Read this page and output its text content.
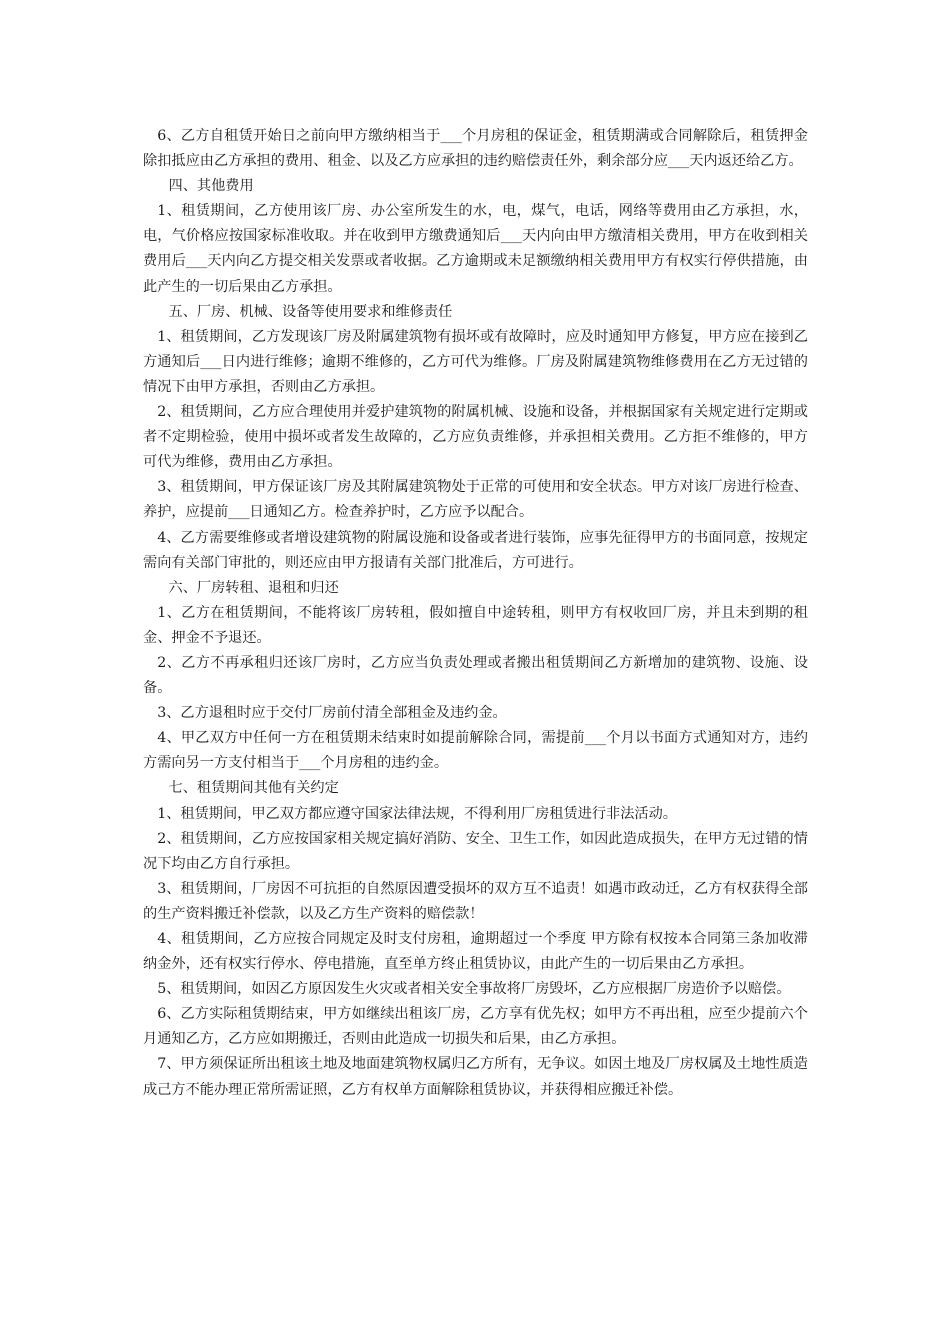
6、乙方自租赁开始日之前向甲方缴纳相当于___个月房租的保证金，租赁期满或合同解除后，租赁押金除扣抵应由乙方承担的费用、租金、以及乙方应承担的违约赔偿责任外，剩余部分应___天内返还给乙方。

四、其他费用

1、租赁期间，乙方使用该厂房、办公室所发生的水，电，煤气，电话，网络等费用由乙方承担，水，电，气价格应按国家标准收取。并在收到甲方缴费通知后___天内向由甲方缴清相关费用，甲方在收到相关费用后___天内向乙方提交相关发票或者收据。乙方逾期或未足额缴纳相关费用甲方有权实行停供措施，由此产生的一切后果由乙方承担。

五、厂房、机械、设备等使用要求和维修责任

1、租赁期间，乙方发现该厂房及附属建筑物有损坏或有故障时，应及时通知甲方修复，甲方应在接到乙方通知后___日内进行维修；逾期不维修的，乙方可代为维修。厂房及附属建筑物维修费用在乙方无过错的情况下由甲方承担，否则由乙方承担。

2、租赁期间，乙方应合理使用并爱护建筑物的附属机械、设施和设备，并根据国家有关规定进行定期或者不定期检验，使用中损坏或者发生故障的，乙方应负责维修，并承担相关费用。乙方拒不维修的，甲方可代为维修，费用由乙方承担。

3、租赁期间，甲方保证该厂房及其附属建筑物处于正常的可使用和安全状态。甲方对该厂房进行检查、养护，应提前___日通知乙方。检查养护时，乙方应予以配合。

4、乙方需要维修或者增设建筑物的附属设施和设备或者进行装饰，应事先征得甲方的书面同意，按规定需向有关部门审批的，则还应由甲方报请有关部门批准后，方可进行。

六、厂房转租、退租和归还

1、乙方在租赁期间，不能将该厂房转租，假如擅自中途转租，则甲方有权收回厂房，并且未到期的租金、押金不予退还。

2、乙方不再承租归还该厂房时，乙方应当负责处理或者搬出租赁期间乙方新增加的建筑物、设施、设备。

3、乙方退租时应于交付厂房前付清全部租金及违约金。

4、甲乙双方中任何一方在租赁期未结束时如提前解除合同，需提前___个月以书面方式通知对方，违约方需向另一方支付相当于___个月房租的违约金。

七、租赁期间其他有关约定

1、租赁期间，甲乙双方都应遵守国家法律法规，不得利用厂房租赁进行非法活动。

2、租赁期间，乙方应按国家相关规定搞好消防、安全、卫生工作，如因此造成损失，在甲方无过错的情况下均由乙方自行承担。

3、租赁期间，厂房因不可抗拒的自然原因遭受损坏的双方互不追责！如遇市政动迁，乙方有权获得全部的生产资料搬迁补偿款，以及乙方生产资料的赔偿款！

4、租赁期间，乙方应按合同规定及时支付房租，逾期超过一个季度 甲方除有权按本合同第三条加收滞纳金外，还有权实行停水、停电措施，直至单方终止租赁协议，由此产生的一切后果由乙方承担。

5、租赁期间，如因乙方原因发生火灾或者相关安全事故将厂房毁坏，乙方应根据厂房造价予以赔偿。

6、乙方实际租赁期结束，甲方如继续出租该厂房，乙方享有优先权；如甲方不再出租，应至少提前六个月通知乙方，乙方应如期搬迁，否则由此造成一切损失和后果，由乙方承担。

7、甲方须保证所出租该土地及地面建筑物权属归乙方所有，无争议。如因土地及厂房权属及土地性质造成己方不能办理正常所需证照，乙方有权单方面解除租赁协议，并获得相应搬迁补偿。
